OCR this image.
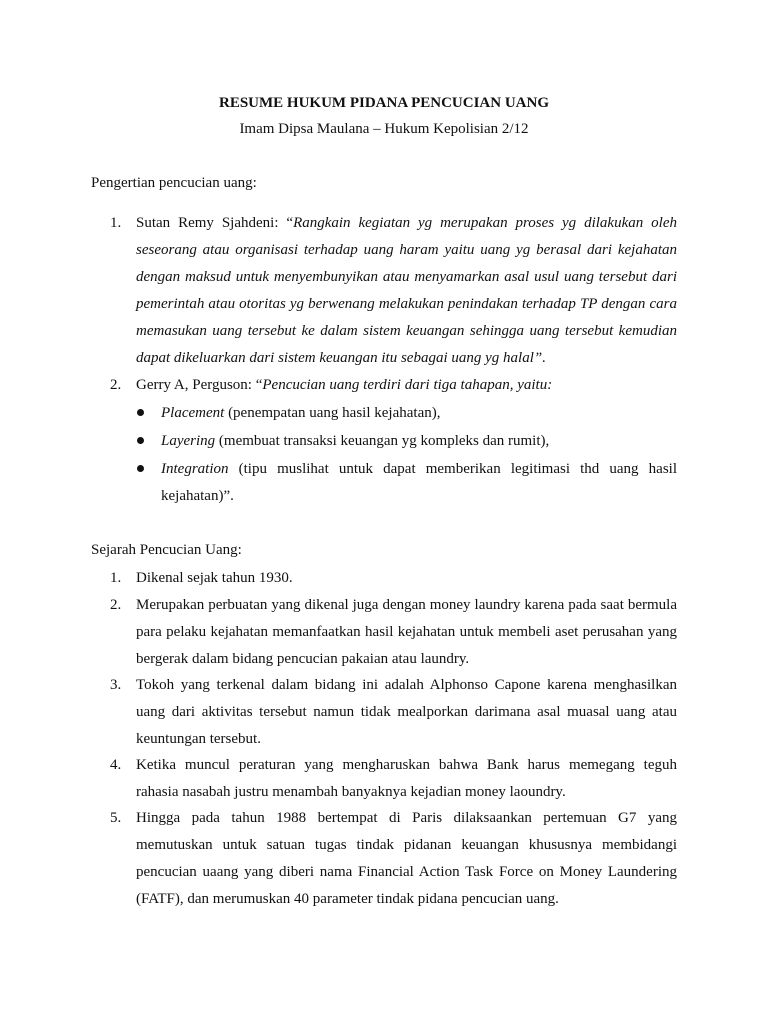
RESUME HUKUM PIDANA PENCUCIAN UANG
Imam Dipsa Maulana – Hukum Kepolisian 2/12
Pengertian pencucian uang:
1. Sutan Remy Sjahdeni: “Rangkain kegiatan yg merupakan proses yg dilakukan oleh
seseorang atau organisasi terhadap uang haram yaitu uang yg berasal dari kejahatan
dengan maksud untuk menyembunyikan atau menyamarkan asal usul uang tersebut dari
pemerintah atau otoritas yg berwenang melakukan penindakan terhadap TP dengan cara
memasukan uang tersebut ke dalam sistem keuangan sehingga uang tersebut kemudian
dapat dikeluarkan dari sistem keuangan itu sebagai uang yg halal”.
2. Gerry A, Perguson: “Pencucian uang terdiri dari tiga tahapan, yaitu:
Placement (penempatan uang hasil kejahatan),
Layering (membuat transaksi keuangan yg kompleks dan rumit),
Integration (tipu muslihat untuk dapat memberikan legitimasi thd uang hasil
kejahatan)”.
Sejarah Pencucian Uang:
1. Dikenal sejak tahun 1930.
2. Merupakan perbuatan yang dikenal juga dengan money laundry karena pada saat bermula
para pelaku kejahatan memanfaatkan hasil kejahatan untuk membeli aset perusahan yang
bergerak dalam bidang pencucian pakaian atau laundry.
3. Tokoh yang terkenal dalam bidang ini adalah Alphonso Capone karena menghasilkan
uang dari aktivitas tersebut namun tidak mealporkan darimana asal muasal uang atau
keuntungan tersebut.
4. Ketika muncul peraturan yang mengharuskan bahwa Bank harus memegang teguh
rahasia nasabah justru menambah banyaknya kejadian money laoundry.
5. Hingga pada tahun 1988 bertempat di Paris dilaksaankan pertemuan G7 yang
memutuskan untuk satuan tugas tindak pidanan keuangan khususnya membidangi
pencucian uaang yang diberi nama Financial Action Task Force on Money Laundering
(FATF), dan merumuskan 40 parameter tindak pidana pencucian uang.
